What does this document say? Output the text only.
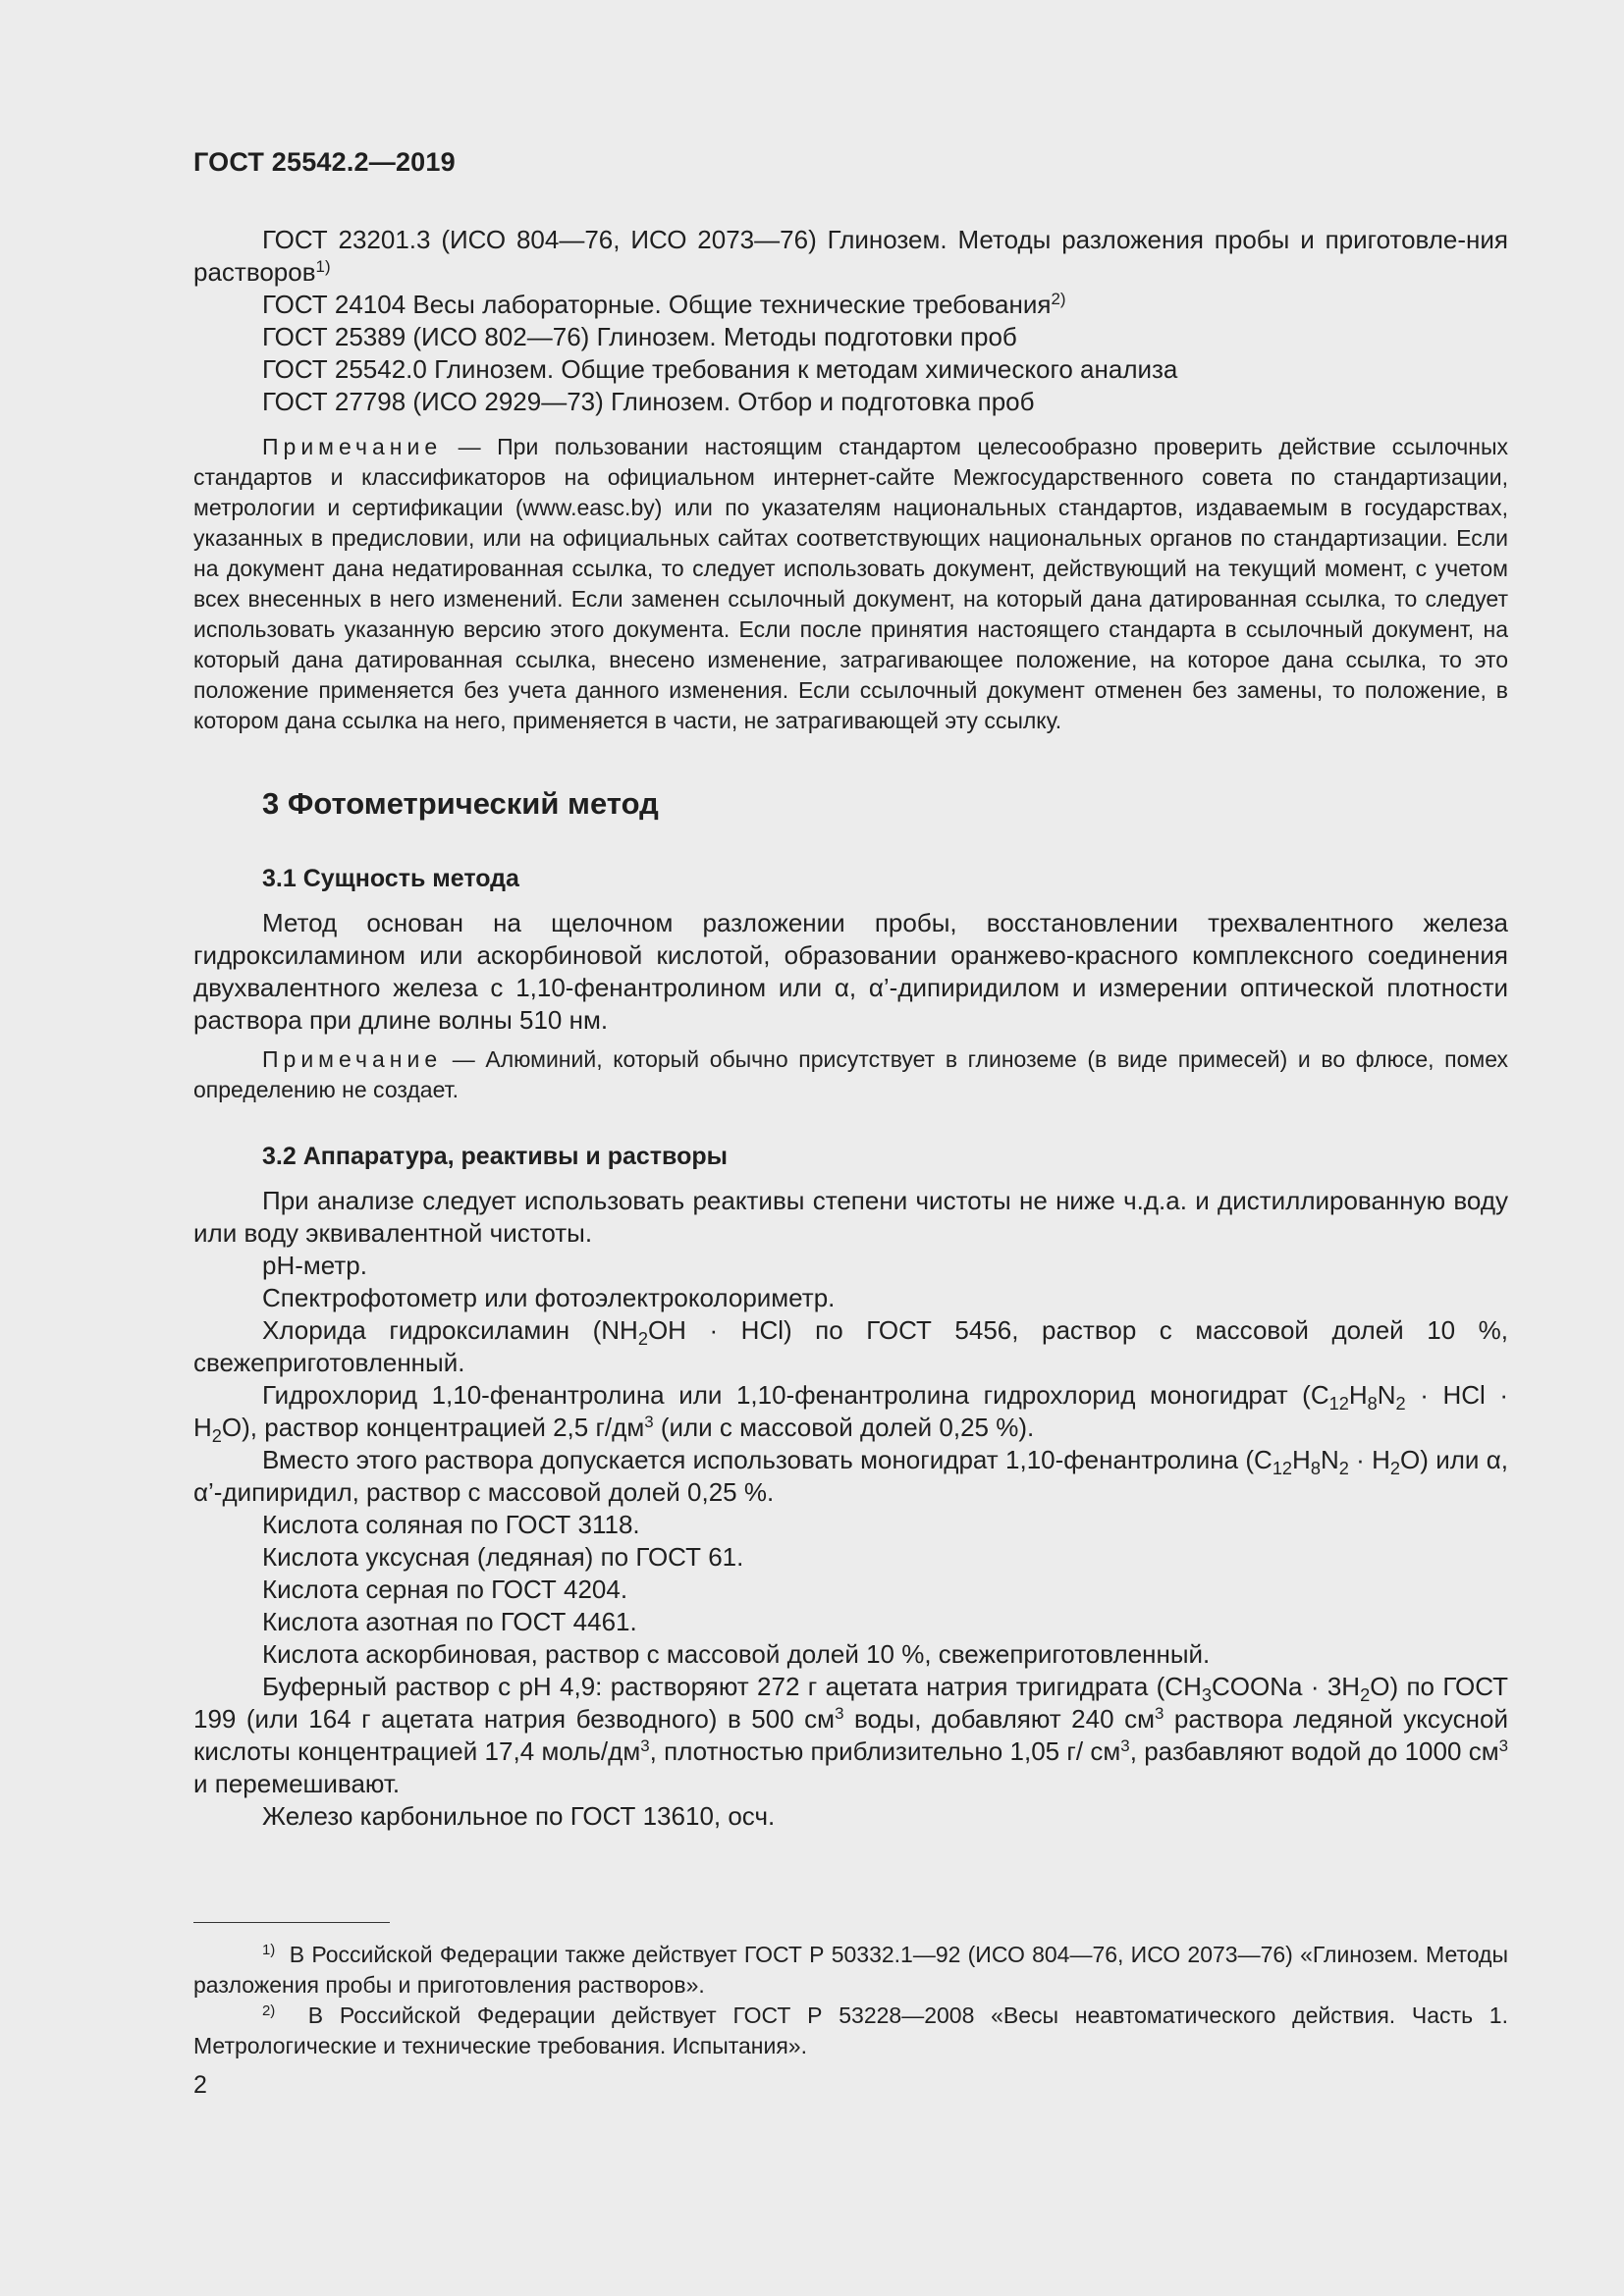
ГОСТ 25542.2—2019

ГОСТ 23201.3 (ИСО 804—76, ИСО 2073—76) Глинозем. Методы разложения пробы и приготовле-ния растворов$^{1)}$

ГОСТ 24104 Весы лабораторные. Общие технические требования$^{2)}$

ГОСТ 25389 (ИСО 802—76) Глинозем. Методы подготовки проб

ГОСТ 25542.0 Глинозем. Общие требования к методам химического анализа

ГОСТ 27798 (ИСО 2929—73) Глинозем. Отбор и подготовка проб

Примечание — При пользовании настоящим стандартом целесообразно проверить действие ссылочных стандартов и классификаторов на официальном интернет-сайте Межгосударственного совета по стандартизации, метрологии и сертификации (www.easc.by) или по указателям национальных стандартов, издаваемым в государствах, указанных в предисловии, или на официальных сайтах соответствующих национальных органов по стандартизации. Если на документ дана недатированная ссылка, то следует использовать документ, действующий на текущий момент, с учетом всех внесенных в него изменений. Если заменен ссылочный документ, на который дана датированная ссылка, то следует использовать указанную версию этого документа. Если после принятия настоящего стандарта в ссылочный документ, на который дана датированная ссылка, внесено изменение, затрагивающее положение, на которое дана ссылка, то это положение применяется без учета данного изменения. Если ссылочный документ отменен без замены, то положение, в котором дана ссылка на него, применяется в части, не затрагивающей эту ссылку.

3 Фотометрический метод
3.1 Сущность метода

Метод основан на щелочном разложении пробы, восстановлении трехвалентного железа гидроксиламином или аскорбиновой кислотой, образовании оранжево-красного комплексного соединения двухвалентного железа с 1,10-фенантролином или α, α’-дипиридилом и измерении оптической плотности раствора при длине волны 510 нм.

Примечание — Алюминий, который обычно присутствует в глиноземе (в виде примесей) и во флюсе, помех определению не создает.

3.2 Аппаратура, реактивы и растворы

При анализе следует использовать реактивы степени чистоты не ниже ч.д.а. и дистиллированную воду или воду эквивалентной чистоты.

pH-метр.

Спектрофотометр или фотоэлектроколориметр.

Хлорида гидроксиламин $(NH_2OH \cdot HCl)$ по ГОСТ 5456, раствор с массовой долей 10 %, свежеприготовленный.

Гидрохлорид 1,10-фенантролина или 1,10-фенантролина гидрохлорид моногидрат ($C_{12}H_8N_2$ · HCl · $H_2O$), раствор концентрацией 2,5 $г/дм^3$ (или с массовой долей 0,25 %).

Вместо этого раствора допускается использовать моногидрат 1,10-фенантролина $(C_{12}H_8N_2 \cdot H_2O)$ или α, α’-дипиридил, раствор с массовой долей 0,25 %.

Кислота соляная по ГОСТ 3118.

Кислота уксусная (ледяная) по ГОСТ 61.

Кислота серная по ГОСТ 4204.

Кислота азотная по ГОСТ 4461.

Кислота аскорбиновая, раствор с массовой долей 10 %, свежеприготовленный.

Буферный раствор с pH 4,9: растворяют 272 г ацетата натрия тригидрата $(CH_3COONa \cdot 3H_2O)$ по ГОСТ 199 (или 164 г ацетата натрия безводного) в 500 $см^3$ воды, добавляют 240 $см^3$ раствора ледяной уксусной кислоты концентрацией 17,4 моль/$дм^3$, плотностью приблизительно 1,05 г/ $см^3$, разбавляют водой до 1000 $см^3$ и перемешивают.

Железо карбонильное по ГОСТ 13610, осч.

$^{1)}$ В Российской Федерации также действует ГОСТ Р 50332.1—92 (ИСО 804—76, ИСО 2073—76) «Глинозем. Методы разложения пробы и приготовления растворов».

$^{2)}$ В Российской Федерации действует ГОСТ Р 53228—2008 «Весы неавтоматического действия. Часть 1. Метрологические и технические требования. Испытания».

2
